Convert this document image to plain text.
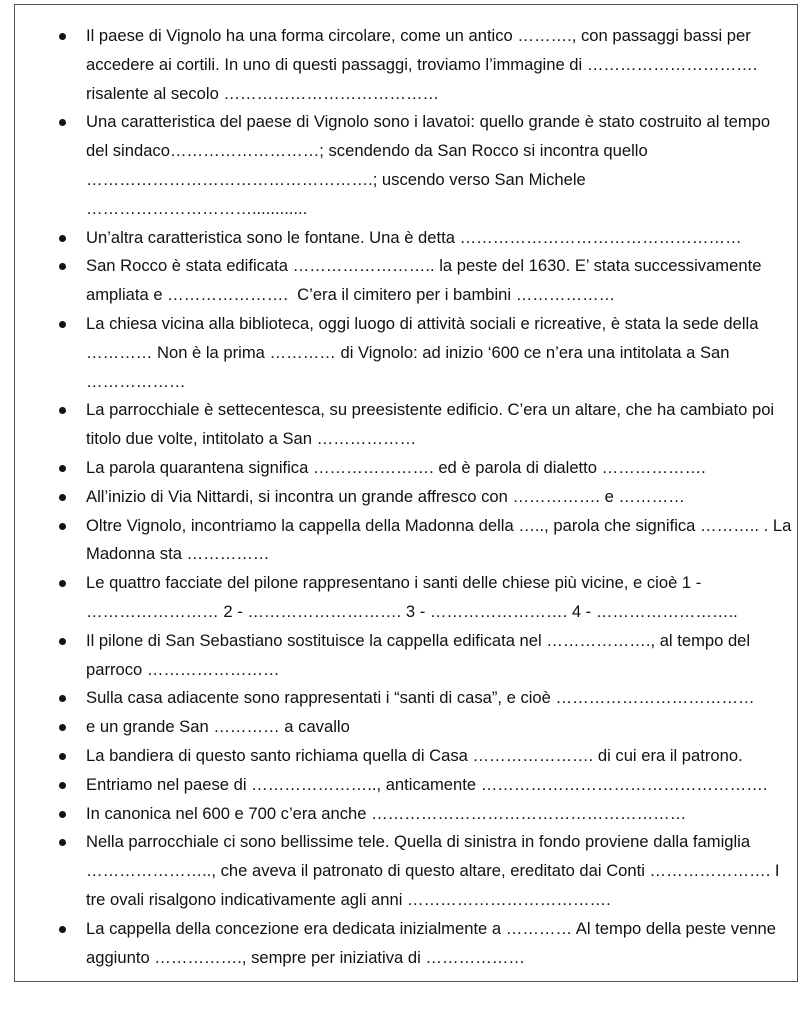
Il paese di Vignolo ha una forma circolare, come un antico ………., con passaggi bassi per accedere ai cortili. In uno di questi passaggi, troviamo l’immagine di …………………………. risalente al secolo …………………………………
Una caratteristica del paese di Vignolo sono i lavatoi: quello grande è stato costruito al tempo del sindaco………………………; scendendo da San Rocco si incontra quello …………………………………………….; uscendo verso San Michele …………………………............
Un’altra caratteristica sono le fontane. Una è detta ……………………………………………
San Rocco è stata edificata …………………….. la peste del 1630. E’ stata successivamente ampliata e ………………….  C’era il cimitero per i bambini ………………
La chiesa vicina alla biblioteca, oggi luogo di attività sociali e ricreative, è stata la sede della ………… Non è la prima ………… di Vignolo: ad inizio ‘600 ce n’era una intitolata a San ………………
La parrocchiale è settecentesca, su preesistente edificio. C’era un altare, che ha cambiato poi titolo due volte, intitolato a San ………………
La parola quarantena significa …………………. ed è parola di dialetto ……………….
All’inizio di Via Nittardi, si incontra un grande affresco con ……………. e …………
Oltre Vignolo, incontriamo la cappella della Madonna della ….., parola che significa ……….. . La Madonna sta ……………
Le quattro facciate del pilone rappresentano i santi delle chiese più vicine, e cioè 1 - …………………… 2 - ………………………. 3 - ……………………. 4 - ……………………..
Il pilone di San Sebastiano sostituisce la cappella edificata nel ………………., al tempo del parroco ……………………
Sulla casa adiacente sono rappresentati i “santi di casa”, e cioè ………………………………
e un grande San ………… a cavallo
La bandiera di questo santo richiama quella di Casa …………………. di cui era il patrono.
Entriamo nel paese di ………………….., anticamente …………………………………………….
In canonica nel 600 e 700 c’era anche …………………………………………………
Nella parrocchiale ci sono bellissime tele. Quella di sinistra in fondo proviene dalla famiglia ………………….., che aveva il patronato di questo altare, ereditato dai Conti …………………. I tre ovali risalgono indicativamente agli anni ……………………………….
La cappella della concezione era dedicata inizialmente a ………… Al tempo della peste venne aggiunto ……………., sempre per iniziativa di ………………
